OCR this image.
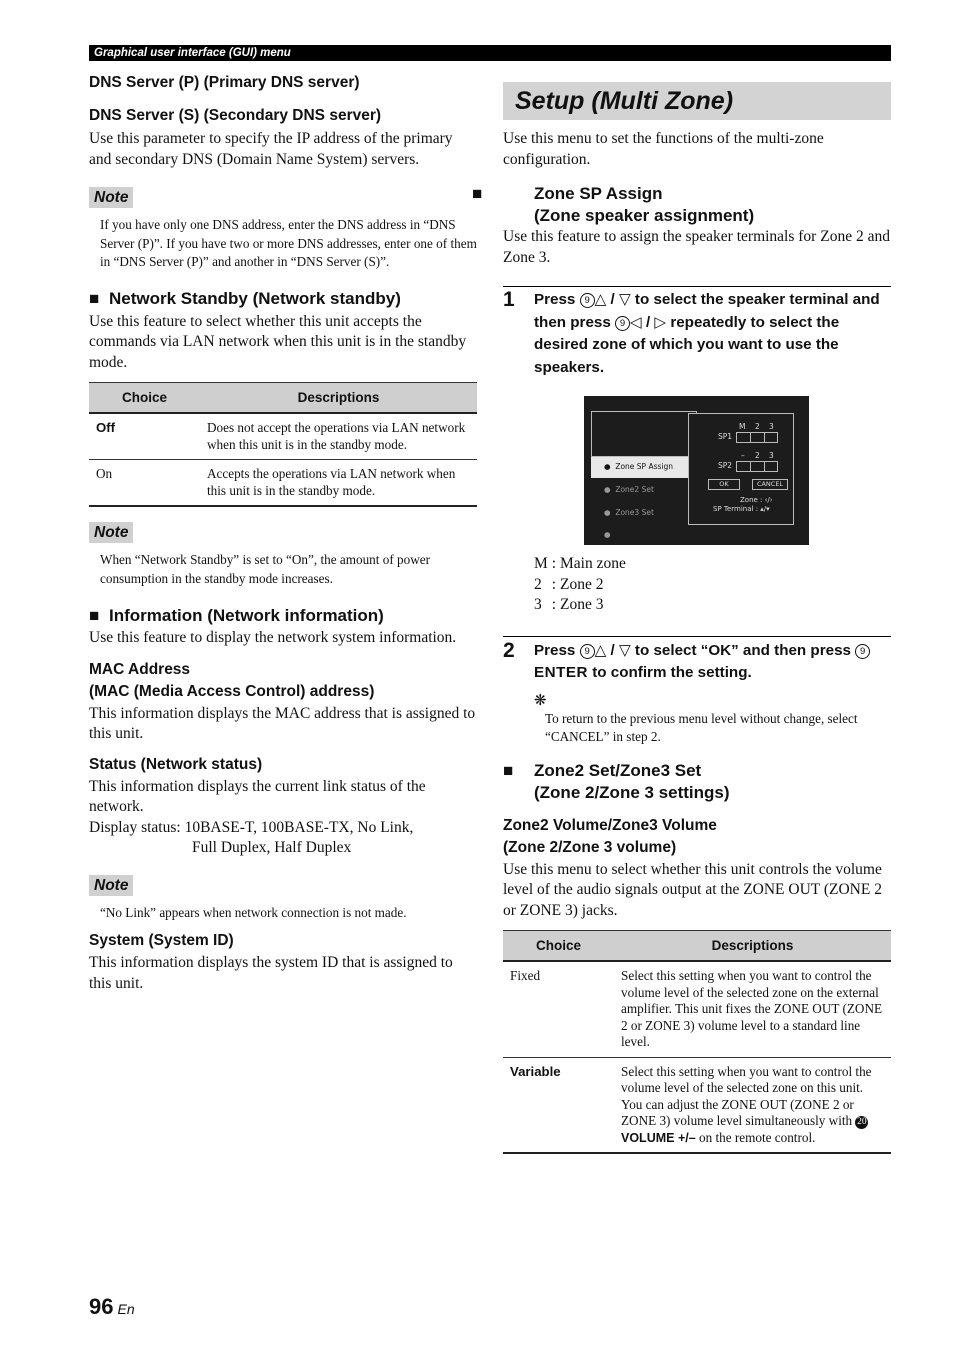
Graphical user interface (GUI) menu
DNS Server (P) (Primary DNS server)
DNS Server (S) (Secondary DNS server)

Use this parameter to specify the IP address of the primary and secondary DNS (Domain Name System) servers.

Note

If you have only one DNS address, enter the DNS address in “DNS Server (P)”. If you have two or more DNS addresses, enter one of them in “DNS Server (P)” and another in “DNS Server (S)”.

■ Network Standby (Network standby)

Use this feature to select whether this unit accepts the commands via LAN network when this unit is in the standby mode.

Choice	Descriptions
Off	Does not accept the operations via LAN network when this unit is in the standby mode.
On	Accepts the operations via LAN network when this unit is in the standby mode.
Note

When “Network Standby” is set to “On”, the amount of power consumption in the standby mode increases.

■ Information (Network information)

Use this feature to display the network system information.

MAC Address
(MAC (Media Access Control) address)

This information displays the MAC address that is assigned to this unit.

Status (Network status)

This information displays the current link status of the network.

Display status: 10BASE-T, 100BASE-TX, No Link,

Full Duplex, Half Duplex

Note

“No Link” appears when network connection is not made.

System (System ID)

This information displays the system ID that is assigned to this unit.

Setup (Multi Zone)

Use this menu to set the functions of the multi-zone configuration.

■	Zone SP Assign
(Zone speaker assignment)

Use this feature to assign the speaker terminals for Zone 2 and Zone 3.

1	Press 9 △ / ▽ to select the speaker terminal and then press 9 ◁ / ▷ repeatedly to select the desired zone of which you want to use the speakers.
●  Zone SP Assign
●  Zone2 Set
●  Zone3 Set
●
M 2 3
SP1
– 2 3
SP2
OK	CANCEL
Zone : ‹/›
SP Terminal : ▴/▾
M	: Main zone
2	: Zone 2
3	: Zone 3
2	Press 9 △ / ▽ to select “OK” and then press 9ENTER to confirm the setting.
❋

To return to the previous menu level without change, select “CANCEL” in step 2.

■ Zone2 Set/Zone3 Set
(Zone 2/Zone 3 settings)
Zone2 Volume/Zone3 Volume
(Zone 2/Zone 3 volume)

Use this menu to select whether this unit controls the volume level of the audio signals output at the ZONE OUT (ZONE 2 or ZONE 3) jacks.

Choice	Descriptions
Fixed	Select this setting when you want to control the volume level of the selected zone on the external amplifier. This unit fixes the ZONE OUT (ZONE 2 or ZONE 3) volume level to a standard line level.
Variable	Select this setting when you want to control the volume level of the selected zone on this unit. You can adjust the ZONE OUT (ZONE 2 or ZONE 3) volume level simultaneously with 20VOLUME +/– on the remote control.
96 En
